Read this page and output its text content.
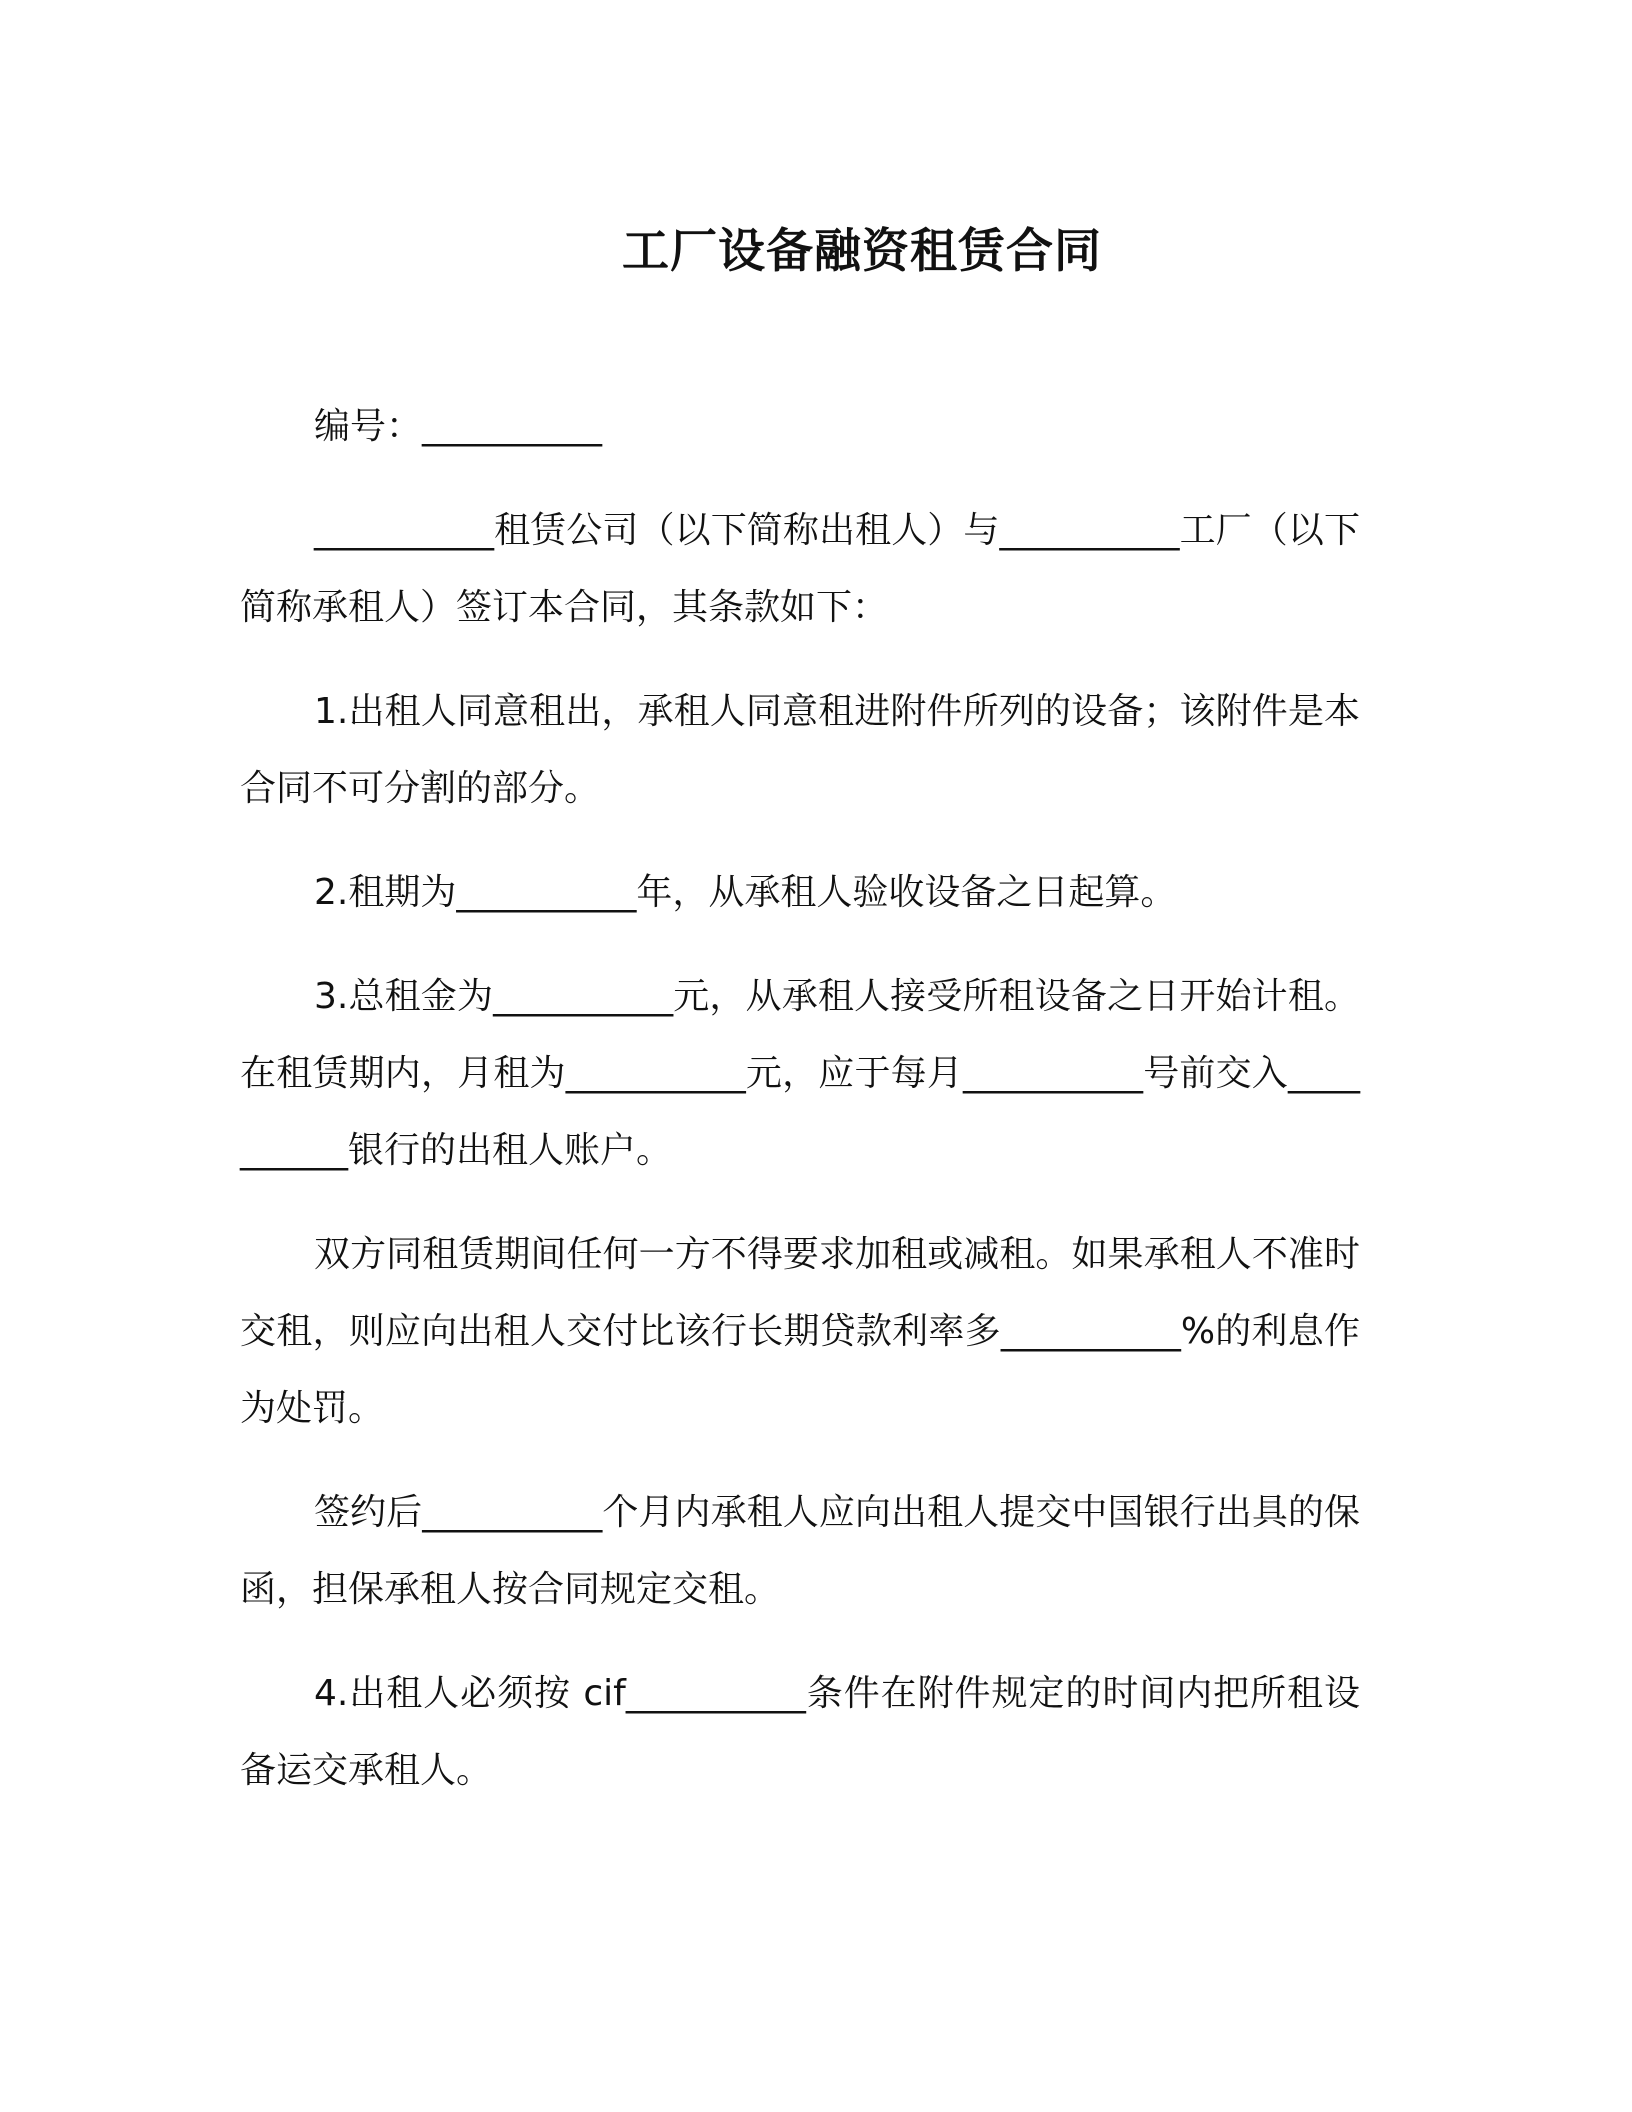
工厂设备融资租赁合同

编号：__________

__________租赁公司（以下简称出租人）与__________工厂（以下简称承租人）签订本合同，其条款如下：

1.出租人同意租出，承租人同意租进附件所列的设备；该附件是本合同不可分割的部分。

2.租期为__________年，从承租人验收设备之日起算。

3.总租金为__________元，从承租人接受所租设备之日开始计租。在租赁期内，月租为__________元，应于每月__________号前交入__________银行的出租人账户。

双方同租赁期间任何一方不得要求加租或减租。如果承租人不准时交租，则应向出租人交付比该行长期贷款利率多__________%的利息作为处罚。

签约后__________个月内承租人应向出租人提交中国银行出具的保函，担保承租人按合同规定交租。

4.出租人必须按 cif__________条件在附件规定的时间内把所租设备运交承租人。
